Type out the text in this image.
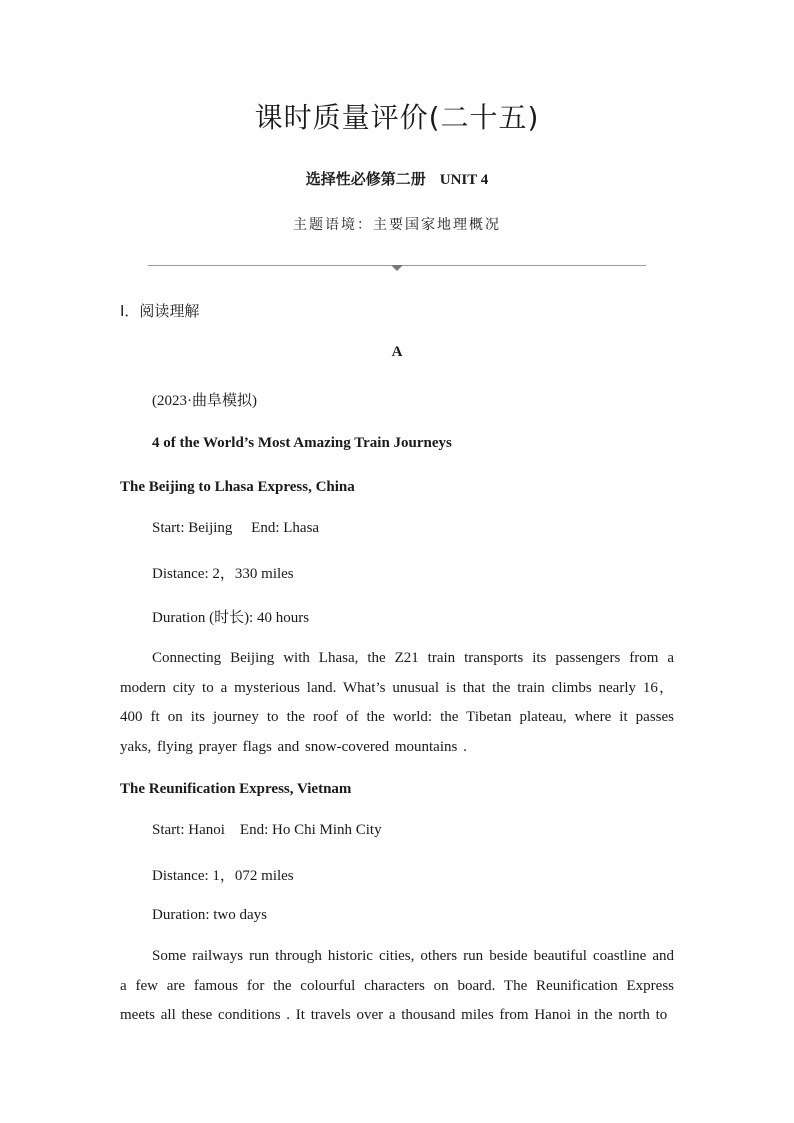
课时质量评价(二十五)
选择性必修第二册 UNIT 4
主题语境：主要国家地理概况
Ⅰ．阅读理解
A
(2023·曲阜模拟)
4 of the World’s Most Amazing Train Journeys
The Beijing to Lhasa Express, China
Start: Beijing     End: Lhasa
Distance: 2，330 miles
Duration (时长): 40 hours
Connecting Beijing with Lhasa, the Z21 train transports its passengers from a modern city to a mysterious land. What’s unusual is that the train climbs nearly 16，400 ft on its journey to the roof of the world: the Tibetan plateau, where it passes yaks, flying prayer flags and snow-covered mountains .
The Reunification Express, Vietnam
Start: Hanoi    End: Ho Chi Minh City
Distance: 1，072 miles
Duration: two days
Some railways run through historic cities, others run beside beautiful coastline and a few are famous for the colourful characters on board. The Reunification Express meets all these conditions . It travels over a thousand miles from Hanoi in the north to
